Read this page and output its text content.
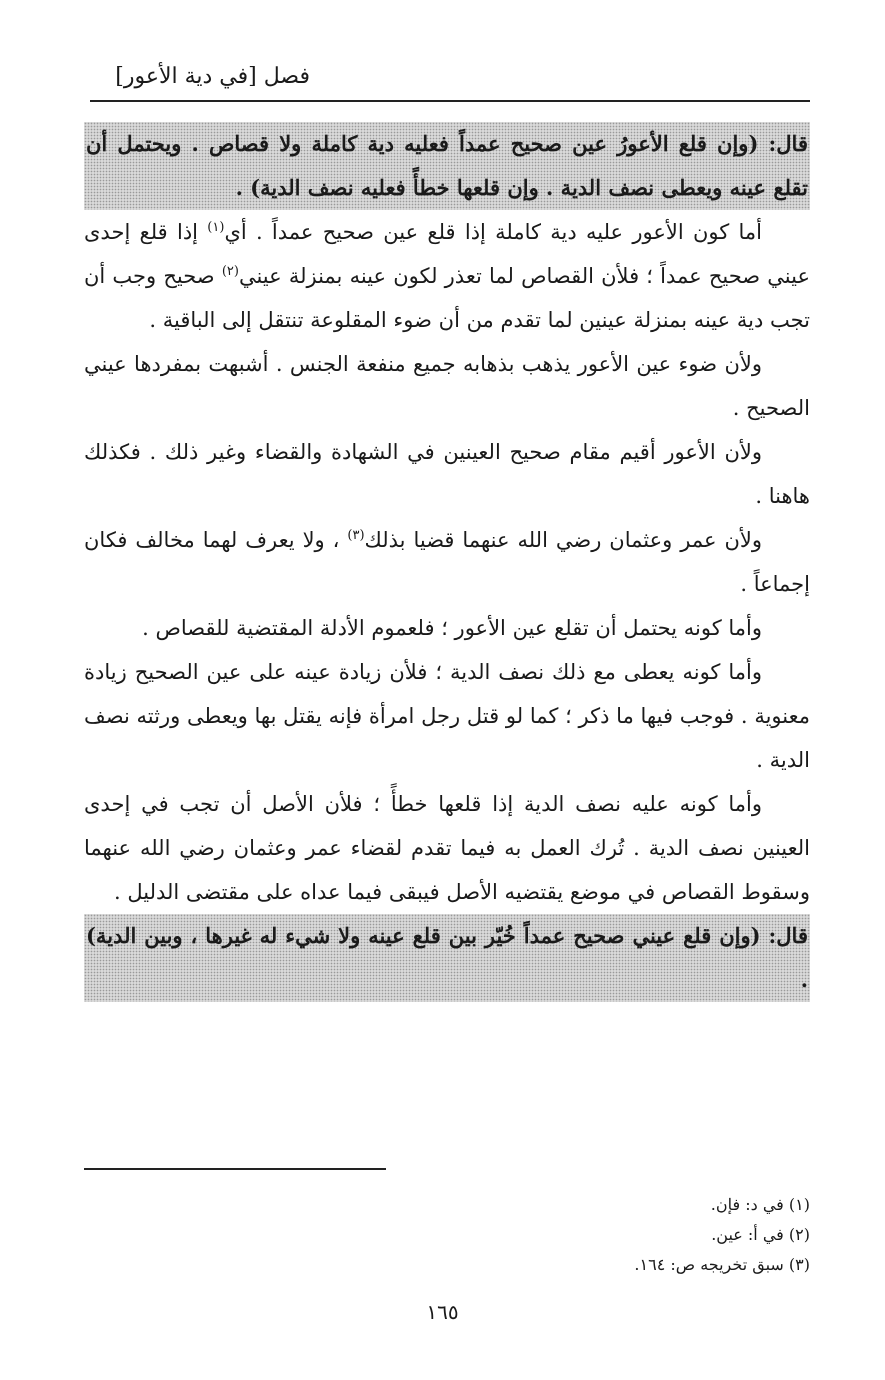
فصل [في دية الأعور]

قال: (وإن قلع الأعورُ عين صحيح عمداً فعليه دية كاملة ولا قصاص . ويحتمل أن تقلع عينه ويعطى نصف الدية . وإن قلعها خطأً فعليه نصف الدية) .

أما كون الأعور عليه دية كاملة إذا قلع عين صحيح عمداً . أي$^{(١)}$ إذا قلع إحدى عيني صحيح عمداً ؛ فلأن القصاص لما تعذر لكون عينه بمنزلة عيني$^{(٢)}$ صحيح وجب أن تجب دية عينه بمنزلة عينين لما تقدم من أن ضوء المقلوعة تنتقل إلى الباقية .

ولأن ضوء عين الأعور يذهب بذهابه جميع منفعة الجنس . أشبهت بمفردها عيني الصحيح .

ولأن الأعور أقيم مقام صحيح العينين في الشهادة والقضاء وغير ذلك . فكذلك هاهنا .

ولأن عمر وعثمان رضي الله عنهما قضيا بذلك$^{(٣)}$ ، ولا يعرف لهما مخالف فكان إجماعاً .

وأما كونه يحتمل أن تقلع عين الأعور ؛ فلعموم الأدلة المقتضية للقصاص .

وأما كونه يعطى مع ذلك نصف الدية ؛ فلأن زيادة عينه على عين الصحيح زيادة معنوية . فوجب فيها ما ذكر ؛ كما لو قتل رجل امرأة فإنه يقتل بها ويعطى ورثته نصف الدية .

وأما كونه عليه نصف الدية إذا قلعها خطأً ؛ فلأن الأصل أن تجب في إحدى العينين نصف الدية . تُرك العمل به فيما تقدم لقضاء عمر وعثمان رضي الله عنهما وسقوط القصاص في موضع يقتضيه الأصل فيبقى فيما عداه على مقتضى الدليل .

قال: (وإن قلع عيني صحيح عمداً خُيّر بين قلع عينه ولا شيء له غيرها ، وبين الدية) .

(١) في د: فإن.

(٢) في أ: عين.

(٣) سبق تخريجه ص: ١٦٤.

١٦٥
